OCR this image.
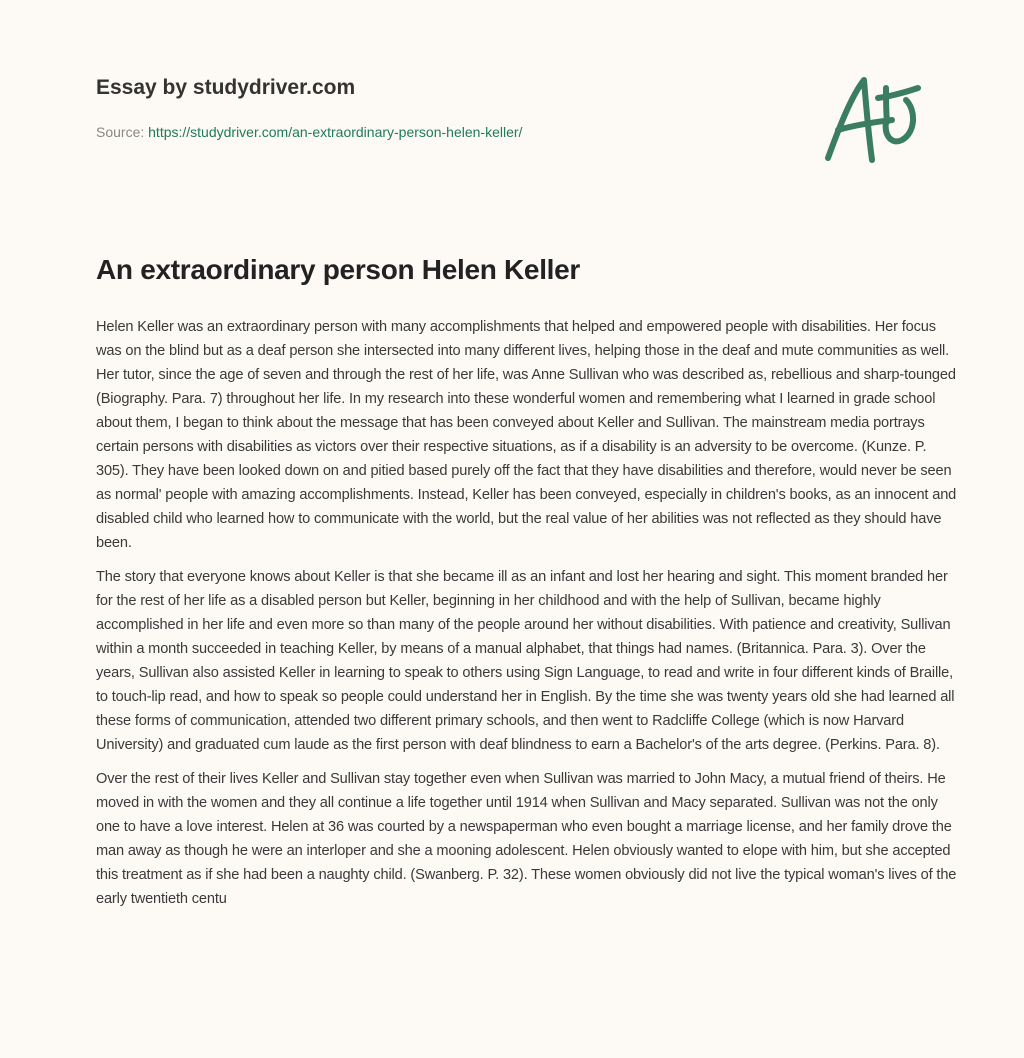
Essay by studydriver.com
Source: https://studydriver.com/an-extraordinary-person-helen-keller/
An extraordinary person Helen Keller

Helen Keller was an extraordinary person with many accomplishments that helped and empowered people with disabilities. Her focus was on the blind but as a deaf person she intersected into many different lives, helping those in the deaf and mute communities as well. Her tutor, since the age of seven and through the rest of her life, was Anne Sullivan who was described as, rebellious and sharp-tounged (Biography. Para. 7) throughout her life. In my research into these wonderful women and remembering what I learned in grade school about them, I began to think about the message that has been conveyed about Keller and Sullivan. The mainstream media portrays certain persons with disabilities as victors over their respective situations, as if a disability is an adversity to be overcome. (Kunze. P. 305). They have been looked down on and pitied based purely off the fact that they have disabilities and therefore, would never be seen as normal' people with amazing accomplishments. Instead, Keller has been conveyed, especially in children's books, as an innocent and disabled child who learned how to communicate with the world, but the real value of her abilities was not reflected as they should have been.

The story that everyone knows about Keller is that she became ill as an infant and lost her hearing and sight. This moment branded her for the rest of her life as a disabled person but Keller, beginning in her childhood and with the help of Sullivan, became highly accomplished in her life and even more so than many of the people around her without disabilities. With patience and creativity, Sullivan within a month succeeded in teaching Keller, by means of a manual alphabet, that things had names. (Britannica. Para. 3). Over the years, Sullivan also assisted Keller in learning to speak to others using Sign Language, to read and write in four different kinds of Braille, to touch-lip read, and how to speak so people could understand her in English. By the time she was twenty years old she had learned all these forms of communication, attended two different primary schools, and then went to Radcliffe College (which is now Harvard University) and graduated cum laude as the first person with deaf blindness to earn a Bachelor's of the arts degree. (Perkins. Para. 8).

Over the rest of their lives Keller and Sullivan stay together even when Sullivan was married to John Macy, a mutual friend of theirs. He moved in with the women and they all continue a life together until 1914 when Sullivan and Macy separated. Sullivan was not the only one to have a love interest. Helen at 36 was courted by a newspaperman who even bought a marriage license, and her family drove the man away as though he were an interloper and she a mooning adolescent. Helen obviously wanted to elope with him, but she accepted this treatment as if she had been a naughty child. (Swanberg. P. 32). These women obviously did not live the typical woman's lives of the early twentieth centu
